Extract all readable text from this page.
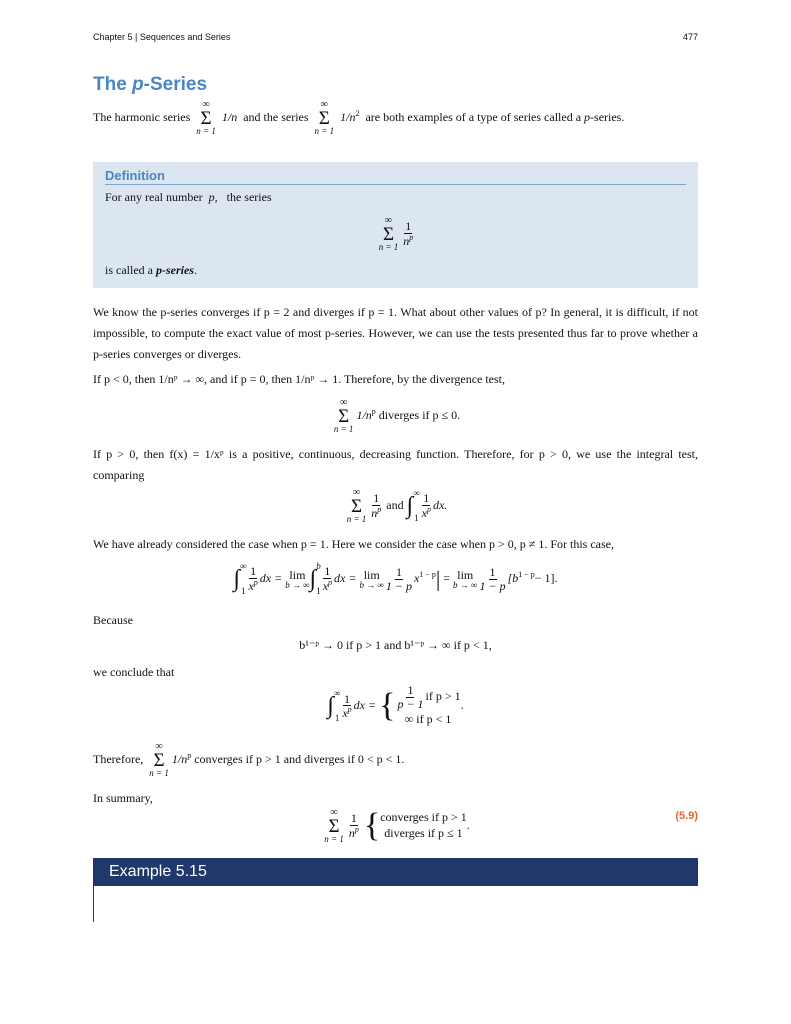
Chapter 5 | Sequences and Series	477
The p-Series
The harmonic series
∞
Σ
n = 1
1/n and the series
∞
Σ
n = 1
$1/n^2$ are both examples of a type of series called a p-series.
Definition
For any real number p, the series
∞
Σ
$n = 1 \frac{1}{n^p}$
is called a p-series.
We know the p-series converges if p = 2 and diverges if p = 1. What about other values of p? In general, it is difficult, if not impossible, to compute the exact value of most p-series. However, we can use the tests presented thus far to prove whether a p-series converges or diverges.
If p < 0, then 1/nᵖ → ∞, and if p = 0, then 1/nᵖ → 1. Therefore, by the divergence test,
∞
Σ
n = 1
$1/n^p$ diverges if p ≤ 0.
If p > 0, then f(x) = 1/xᵖ is a positive, continuous, decreasing function. Therefore, for p > 0, we use the integral test, comparing
∞
Σ
$n = 1 \frac{1}{n^p}$ and ∫ ∞
$1 \frac{1}{x^p}$ dx.
We have already considered the case when p = 1. Here we consider the case when p > 0, p ≠ 1. For this case,
∫ ∞
$1 \frac{1}{x^p}$ dx = lim
b → ∞ ∫ b
$1 \frac{1}{x^p}$ dx = lim
b → ∞ $\frac{1}{1 - p} x^{1 - p}| = \lim$
b → ∞ $\frac{1}{1 - p} [b^{1 - p}- 1]$.
Because
b¹⁻ᵖ → 0 if p > 1 and b¹⁻ᵖ → ∞ if p < 1,
we conclude that
∫ ∞
$1 \frac{1}{x^p}$ dx = { $\frac{1}{p - 1}$ if p > 1
∞ if p < 1
.
Therefore,
∞
Σ
n = 1
$1/n^p$ converges if p > 1 and diverges if 0 < p < 1.
In summary,
∞
Σ
$n = 1 \frac{1}{n^p}$
{ converges if p > 1
diverges if p ≤ 1
.
(5.9)
Example 5.15
